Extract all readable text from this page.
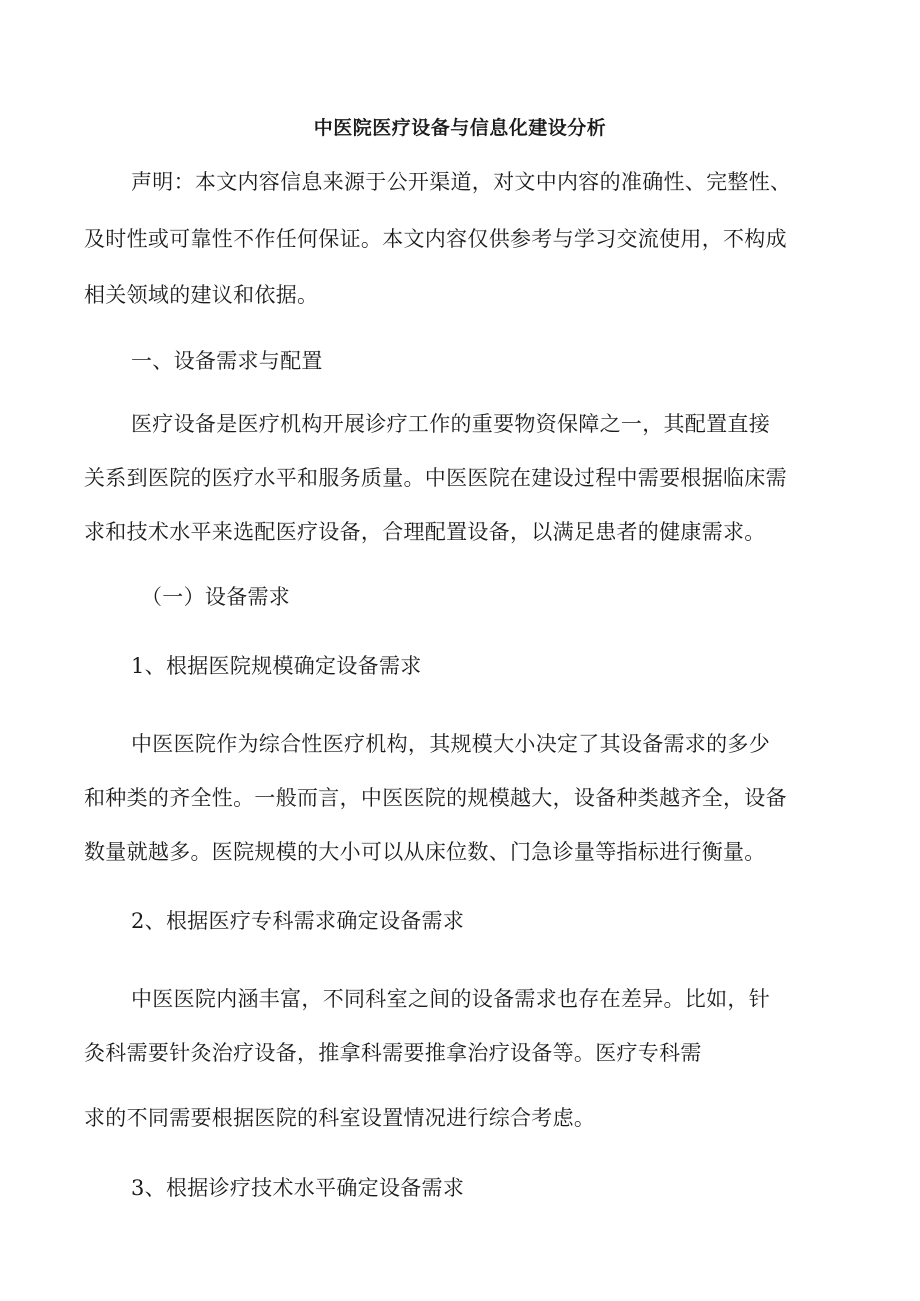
中医院医疗设备与信息化建设分析

声明：本文内容信息来源于公开渠道，对文中内容的准确性、完整性、

及时性或可靠性不作任何保证。本文内容仅供参考与学习交流使用，不构成

相关领域的建议和依据。

一、设备需求与配置

医疗设备是医疗机构开展诊疗工作的重要物资保障之一，其配置直接

关系到医院的医疗水平和服务质量。中医医院在建设过程中需要根据临床需

求和技术水平来选配医疗设备，合理配置设备，以满足患者的健康需求。

（一）设备需求
1、根据医院规模确定设备需求

中医医院作为综合性医疗机构，其规模大小决定了其设备需求的多少

和种类的齐全性。一般而言，中医医院的规模越大，设备种类越齐全，设备

数量就越多。医院规模的大小可以从床位数、门急诊量等指标进行衡量。

2、根据医疗专科需求确定设备需求

中医医院内涵丰富，不同科室之间的设备需求也存在差异。比如，针

灸科需要针灸治疗设备，推拿科需要推拿治疗设备等。医疗专科需

求的不同需要根据医院的科室设置情况进行综合考虑。

3、根据诊疗技术水平确定设备需求
